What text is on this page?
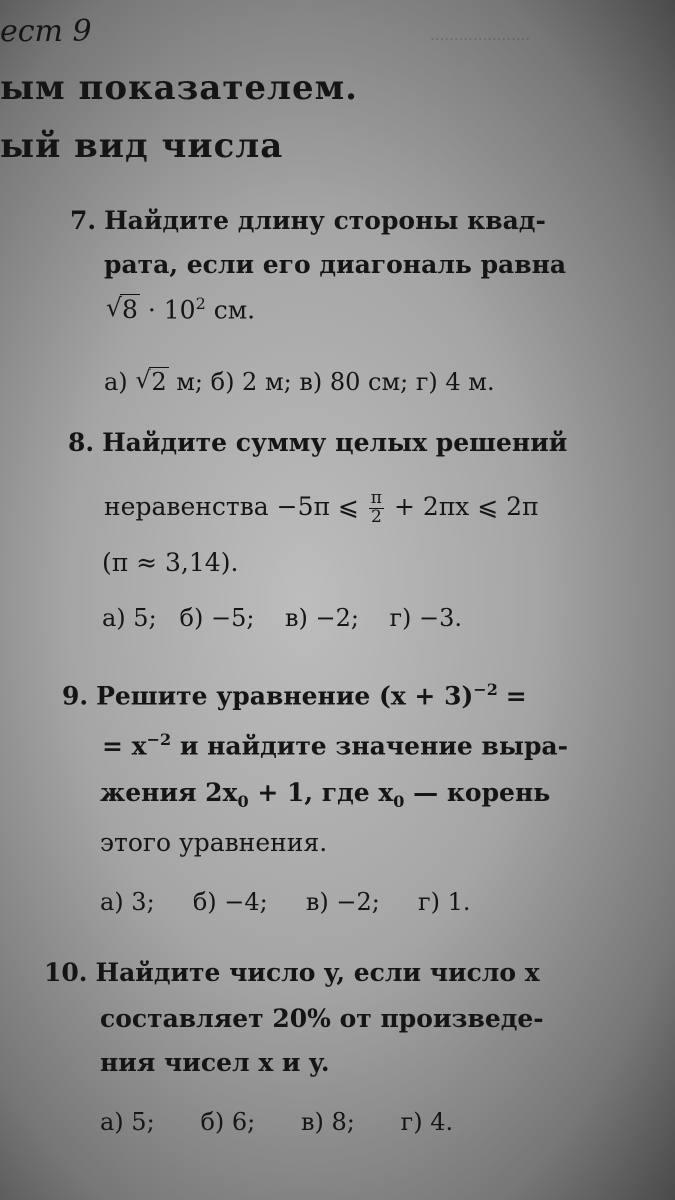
·····················
ест 9
ым показателем.
ый вид числа
7. Найдите длину стороны квад-
рата, если его диагональ равна
√ $8 \cdot 10^2$ см.
а) √ 2 м; б) 2 м; в) 80 см; г) 4 м.
8. Найдите сумму целых решений
неравенства −5π ⩽ $\frac{\pi}{2} + 2\pi x$ ⩽ 2π
(π ≈ 3,14).
а) 5; б) −5; в) −2; г) −3.
9. Решите уравнение $(x + 3)^{-2}$ =
= $x^{-2}$ и найдите значение выра-
жения $2x_0 + 1$, где $x_0$ — корень
этого уравнения.
а) 3; б) −4; в) −2; г) 1.
10. Найдите число y, если число x
составляет 20% от произведе-
ния чисел x и y.
а) 5; б) 6; в) 8; г) 4.
